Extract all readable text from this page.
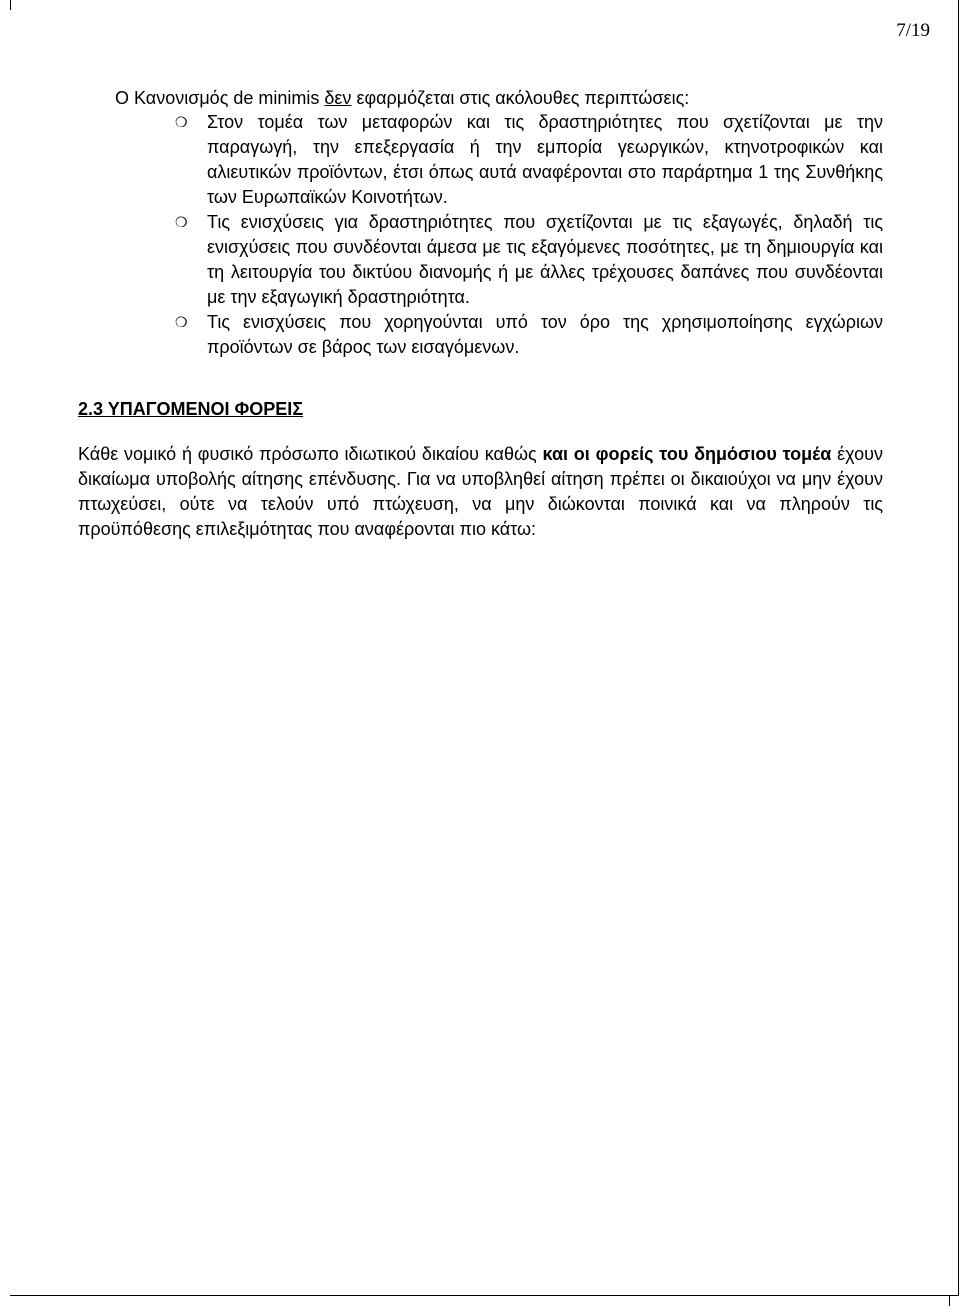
7/19
Ο Κανονισμός de minimis δεν εφαρμόζεται στις ακόλουθες περιπτώσεις:
❍ Στον τομέα των μεταφορών και τις δραστηριότητες που σχετίζονται με την παραγωγή, την επεξεργασία ή την εμπορία γεωργικών, κτηνοτροφικών και αλιευτικών προϊόντων, έτσι όπως αυτά αναφέρονται στο παράρτημα 1 της Συνθήκης των Ευρωπαϊκών Κοινοτήτων.
❍ Τις ενισχύσεις για δραστηριότητες που σχετίζονται με τις εξαγωγές, δηλαδή τις ενισχύσεις που συνδέονται άμεσα με τις εξαγόμενες ποσότητες, με τη δημιουργία και τη λειτουργία του δικτύου διανομής ή με άλλες τρέχουσες δαπάνες που συνδέονται με την εξαγωγική δραστηριότητα.
❍ Τις ενισχύσεις που χορηγούνται υπό τον όρο της χρησιμοποίησης εγχώριων προϊόντων σε βάρος των εισαγόμενων.
2.3 ΥΠΑΓΟΜΕΝΟΙ ΦΟΡΕΙΣ

Κάθε νομικό ή φυσικό πρόσωπο ιδιωτικού δικαίου καθώς και οι φορείς του δημόσιου τομέα έχουν δικαίωμα υποβολής αίτησης επένδυσης. Για να υποβληθεί αίτηση πρέπει οι δικαιούχοι να μην έχουν πτωχεύσει, ούτε να τελούν υπό πτώχευση, να μην διώκονται ποινικά και να πληρούν τις προϋπόθεσης επιλεξιμότητας που αναφέρονται πιο κάτω:
